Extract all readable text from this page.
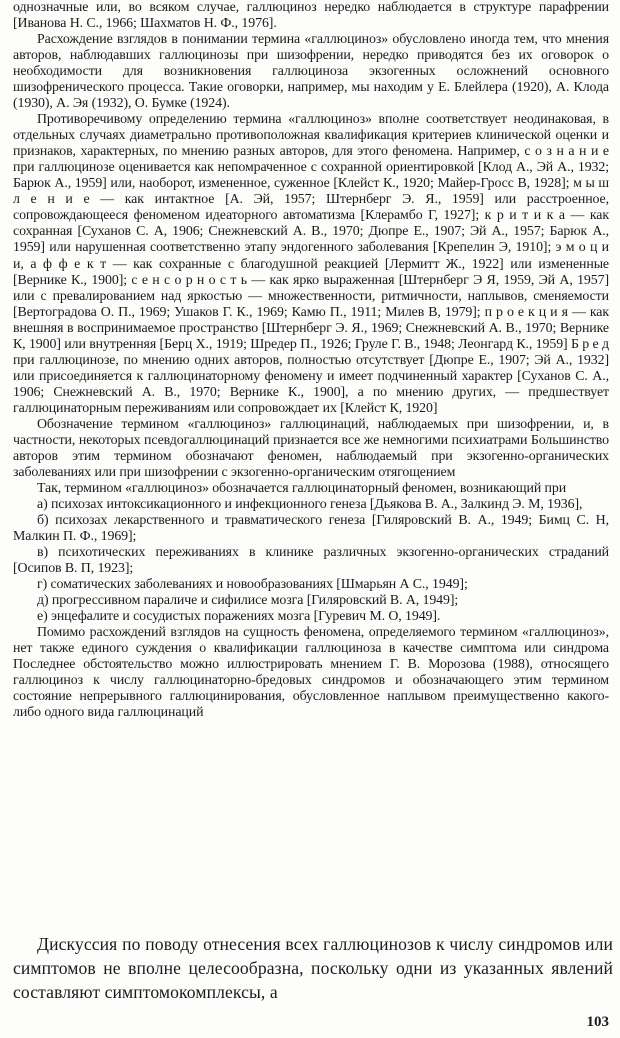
однозначные или, во всяком случае, галлюциноз нередко наблюдается в структуре парафрении [Иванова Н. С., 1966; Шахматов Н. Ф., 1976].

Расхождение взглядов в понимании термина «галлюциноз» обусловлено иногда тем, что мнения авторов, наблюдавших галлюцинозы при шизофрении, нередко приводятся без их оговорок о необходимости для возникновения галлюциноза экзогенных осложнений основного шизофренического процесса. Такие оговорки, например, мы находим у Е. Блейлера (1920), А. Клода (1930), А. Эя (1932), О. Бумке (1924).

Противоречивому определению термина «галлюциноз» вполне соответствует неодинаковая, в отдельных случаях диаметрально противоположная квалификация критериев клинической оценки и признаков, характерных, по мнению разных авторов, для этого феномена. Например, с о з н а н и е при галлюцинозе оценивается как непомраченное с сохранной ориентировкой [Клод А., Эй А., 1932; Барюк А., 1959] или, наоборот, измененное, суженное [Клейст К., 1920; Майер-Гросс В, 1928]; м ы ш л е н и е — как интактное [А. Эй, 1957; Штернберг Э. Я., 1959] или расстроенное, сопровождающееся феноменом идеаторного автоматизма [Клерамбо Г, 1927]; к р и т и к а — как сохранная [Суханов С. А, 1906; Снежневский А. В., 1970; Дюпре Е., 1907; Эй А., 1957; Барюк А., 1959] или нарушенная соответственно этапу эндогенного заболевания [Крепелин Э, 1910]; э м о ц и и, а ф ф е к т — как сохранные с благодушной реакцией [Лермитт Ж., 1922] или измененные [Вернике К., 1900]; с е н с о р н о с т ь — как ярко выраженная [Штернберг Э Я, 1959, Эй А, 1957] или с превалированием над яркостью — множественности, ритмичности, наплывов, сменяемости [Вертоградова О. П., 1969; Ушаков Г. К., 1969; Камю П., 1911; Милев В, 1979]; п р о е к ц и я — как внешняя в воспринимаемое пространство [Штернберг Э. Я., 1969; Снежневский А. В., 1970; Вернике К, 1900] или внутренняя [Берц Х., 1919; Шредер П., 1926; Груле Г. В., 1948; Леонгард К., 1959] Б р е д при галлюцинозе, по мнению одних авторов, полностью отсутствует [Дюпре Е., 1907; Эй А., 1932] или присоединяется к галлюцинаторному феномену и имеет подчиненный характер [Суханов С. А., 1906; Снежневский А. В., 1970; Вернике К., 1900], а по мнению других, — предшествует галлюцинаторным переживаниям или сопровождает их [Клейст К, 1920]

Обозначение термином «галлюциноз» галлюцинаций, наблюдаемых при шизофрении, и, в частности, некоторых псевдогаллюцинаций признается все же немногими психиатрами Большинство авторов этим термином обозначают феномен, наблюдаемый при экзогенно-органических заболеваниях или при шизофрении с экзогенно-органическим отягощением

Так, термином «галлюциноз» обозначается галлюцинаторный феномен, возникающий при

а) психозах интоксикационного и инфекционного генеза [Дьякова В. А., Залкинд Э. М, 1936],

б) психозах лекарственного и травматического генеза [Гиляровский В. А., 1949; Бимц С. Н, Малкин П. Ф., 1969];

в) психотических переживаниях в клинике различных экзогенно-органических страданий [Осипов В. П, 1923];

г) соматических заболеваниях и новообразованиях [Шмарьян А С., 1949];

д) прогрессивном параличе и сифилисе мозга [Гиляровский В. А, 1949];

е) энцефалите и сосудистых поражениях мозга [Гуревич М. О, 1949].

Помимо расхождений взглядов на сущность феномена, определяемого термином «галлюциноз», нет также единого суждения о квалификации галлюциноза в качестве симптома или синдрома Последнее обстоятельство можно иллюстрировать мнением Г. В. Морозова (1988), относящего галлюциноз к числу галлюцинаторно-бредовых синдромов и обозначающего этим термином состояние непрерывного галлюцинирования, обусловленное наплывом преимущественно какого-либо одного вида галлюцинаций

Дискуссия по поводу отнесения всех галлюцинозов к числу синдромов или симптомов не вполне целесообразна, поскольку одни из указанных явлений составляют симптомокомплексы, а

103
